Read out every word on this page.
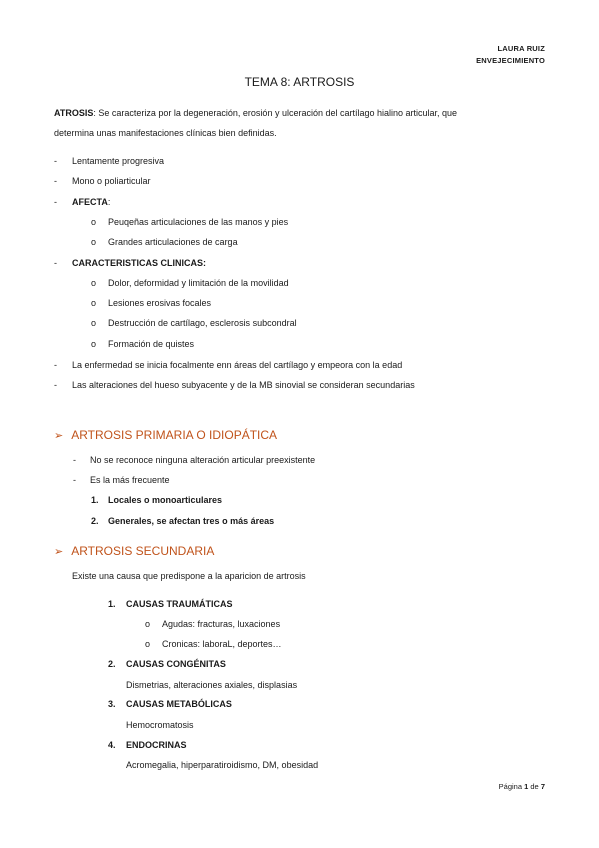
LAURA RUIZ
ENVEJECIMIENTO
TEMA 8: ARTROSIS
ATROSIS: Se caracteriza por la degeneración, erosión y ulceración del cartílago hialino articular, que
determina unas manifestaciones clínicas bien definidas.
- Lentamente progresiva
- Mono o poliarticular
- AFECTA:
o Peuqeñas articulaciones de las manos y pies
o Grandes articulaciones de carga
- CARACTERISTICAS CLINICAS:
o Dolor, deformidad y limitación de la movilidad
o Lesiones erosivas focales
o Destrucción de cartílago, esclerosis subcondral
o Formación de quistes
- La enfermedad se inicia focalmente enn áreas del cartílago y empeora con la edad
- Las alteraciones del hueso subyacente y de la MB sinovial se consideran secundarias
➢ ARTROSIS PRIMARIA O IDIOPÁTICA
- No se reconoce ninguna alteración articular preexistente
- Es la más frecuente
1. Locales o monoarticulares
2. Generales, se afectan tres o más áreas
➢ ARTROSIS SECUNDARIA
Existe una causa que predispone a la aparicion de artrosis
1. CAUSAS TRAUMÁTICAS
o Agudas: fracturas, luxaciones
o Cronicas: laboraL, deportes…
2. CAUSAS CONGÉNITAS
Dismetrias, alteraciones axiales, displasias
3. CAUSAS METABÓLICAS
Hemocromatosis
4. ENDOCRINAS
Acromegalia, hiperparatiroidismo, DM, obesidad
Página 1 de 7
